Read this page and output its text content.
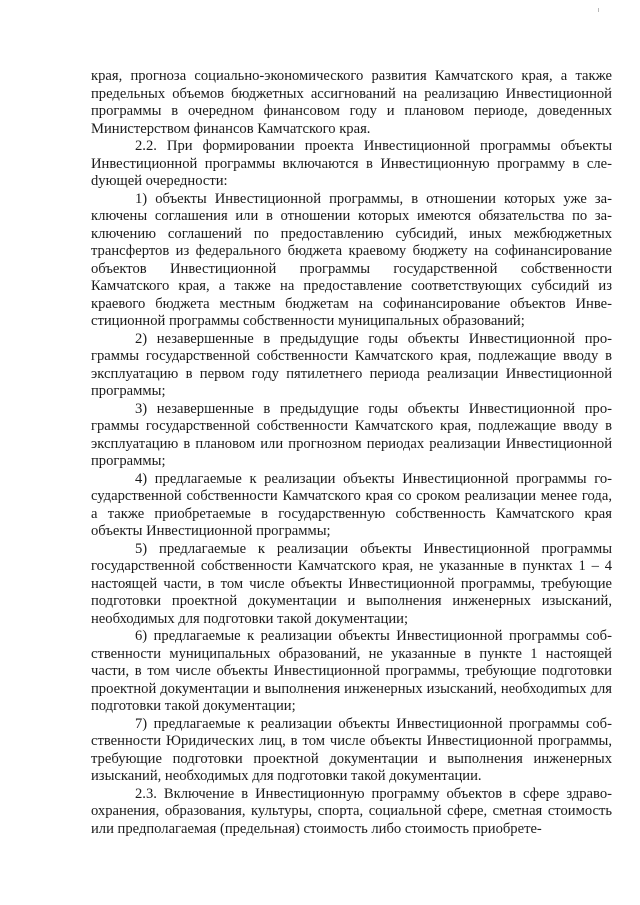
края, прогноза социально-экономического развития Камчатского края, а также предельных объемов бюджетных ассигнований на реализацию Инвестиционной программы в очередном финансовом году и плановом периоде, доведенных Министерством финансов Камчатского края.

2.2. При формировании проекта Инвестиционной программы объекты Инвестиционной программы включаются в Инвестиционную программу в слеdующей очередности:

1) объекты Инвестиционной программы, в отношении которых уже заключены соглашения или в отношении которых имеются обязательства по заключению соглашений по предоставлению субсидий, иных межбюджетных трансфертов из федерального бюджета краевому бюджету на софинансирование объектов Инвестиционной программы государственной собственности Камчатского края, а также на предоставление соответствующих субсидий из краевого бюджета местным бюджетам на софинансирование объектов Инвестиционной программы собственности муниципальных образований;

2) незавершенные в предыдущие годы объекты Инвестиционной программы государственной собственности Камчатского края, подлежащие вводу в эксплуатацию в первом году пятилетнего периода реализации Инвестиционной программы;

3) незавершенные в предыдущие годы объекты Инвестиционной программы государственной собственности Камчатского края, подлежащие вводу в эксплуатацию в плановом или прогнозном периодах реализации Инвестиционной программы;

4) предлагаемые к реализации объекты Инвестиционной программы государственной собственности Камчатского края со сроком реализации менее года, а также приобретаемые в государственную собственность Камчатского края объекты Инвестиционной программы;

5) предлагаемые к реализации объекты Инвестиционной программы государственной собственности Камчатского края, не указанные в пунктах 1 – 4 настоящей части, в том числе объекты Инвестиционной программы, требующие подготовки проектной документации и выполнения инженерных изысканий, необходимых для подготовки такой документации;

6) предлагаемые к реализации объекты Инвестиционной программы собственности муниципальных образований, не указанные в пункте 1 настоящей части, в том числе объекты Инвестиционной программы, требующие подготовки проектной документации и выполнения инженерных изысканий, необходиmых для подготовки такой документации;

7) предлагаемые к реализации объекты Инвестиционной программы собственности Юридических лиц, в том числе объекты Инвестиционной программы, требующие подготовки проектной документации и выполнения инженерных изысканий, необходимых для подготовки такой документации.

2.3. Включение в Инвестиционную программу объектов в сфере здравоохранения, образования, культуры, спорта, социальной сфере, сметная стоимость или предполагаемая (предельная) стоимость либо стоимость приобрете-
